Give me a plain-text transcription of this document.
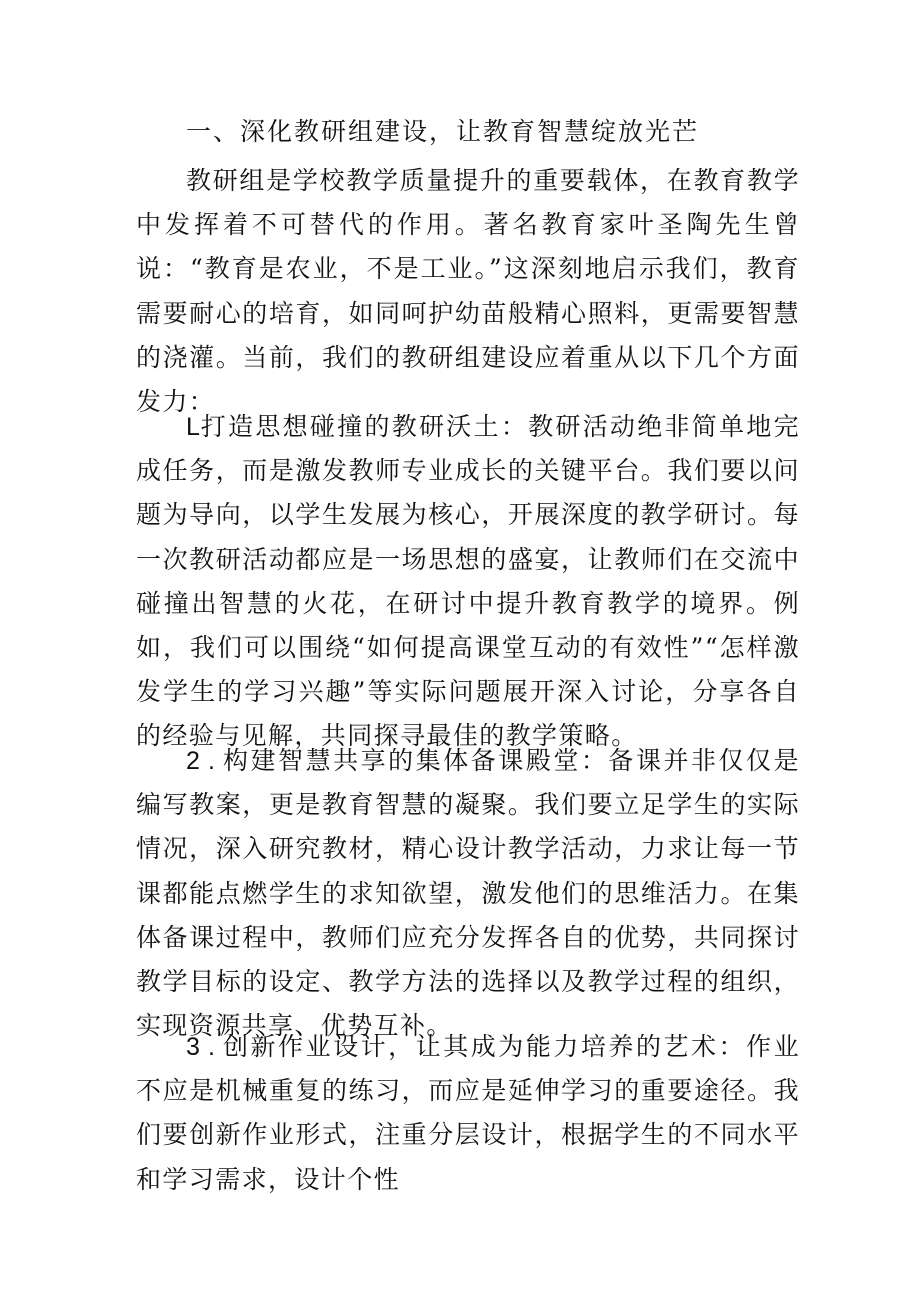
一、深化教研组建设，让教育智慧绽放光芒

教研组是学校教学质量提升的重要载体，在教育教学中发挥着不可替代的作用。著名教育家叶圣陶先生曾说：“教育是农业，不是工业。”这深刻地启示我们，教育需要耐心的培育，如同呵护幼苗般精心照料，更需要智慧的浇灌。当前，我们的教研组建设应着重从以下几个方面发力：

L打造思想碰撞的教研沃土：教研活动绝非简单地完成任务，而是激发教师专业成长的关键平台。我们要以问题为导向，以学生发展为核心，开展深度的教学研讨。每一次教研活动都应是一场思想的盛宴，让教师们在交流中碰撞出智慧的火花，在研讨中提升教育教学的境界。例如，我们可以围绕“如何提高课堂互动的有效性”“怎样激发学生的学习兴趣”等实际问题展开深入讨论，分享各自的经验与见解，共同探寻最佳的教学策略。

2 . 构建智慧共享的集体备课殿堂：备课并非仅仅是编写教案，更是教育智慧的凝聚。我们要立足学生的实际情况，深入研究教材，精心设计教学活动，力求让每一节课都能点燃学生的求知欲望，激发他们的思维活力。在集体备课过程中，教师们应充分发挥各自的优势，共同探讨教学目标的设定、教学方法的选择以及教学过程的组织，实现资源共享、优势互补。

3 . 创新作业设计，让其成为能力培养的艺术：作业不应是机械重复的练习，而应是延伸学习的重要途径。我们要创新作业形式，注重分层设计，根据学生的不同水平和学习需求，设计个性
